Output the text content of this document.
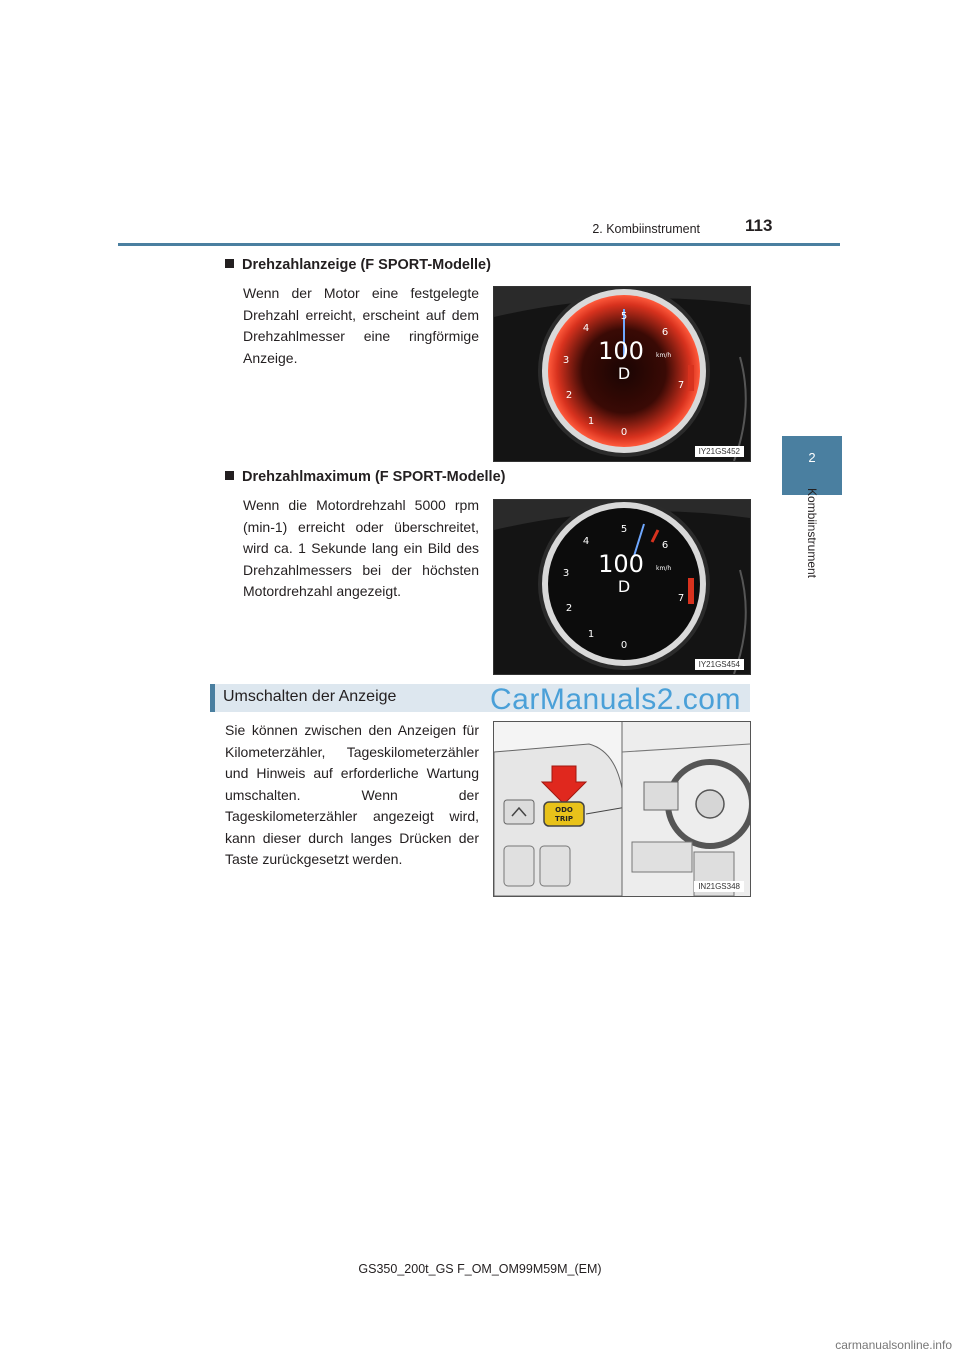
2. Kombiinstrument	113
2
Kombiinstrument
Drehzahlanzeige (F SPORT-Modelle)
Wenn der Motor eine festgelegte Drehzahl erreicht, erscheint auf dem Drehzahlmesser eine ringförmige Anzeige.
0
1
2
3
4
5
6
7
100 km/h
D
IY21GS452
Drehzahlmaximum (F SPORT-Modelle)
Wenn die Motordrehzahl 5000 rpm (min-1) erreicht oder überschreitet, wird ca. 1 Sekunde lang ein Bild des Drehzahlmessers bei der höchsten Motordrehzahl angezeigt.
0
1
2
3
4
5
6
7
100 km/h
D
IY21GS454
Umschalten der Anzeige	CarManuals2.com
Sie können zwischen den Anzeigen für Kilometerzähler, Tageskilometerzähler und Hinweis auf erforderliche Wartung umschalten. Wenn der Tageskilometerzähler angezeigt wird, kann dieser durch langes Drücken der Taste zurückgesetzt werden.
ODO
TRIP
IN21GS348
GS350_200t_GS F_OM_OM99M59M_(EM)
carmanualsonline.info
